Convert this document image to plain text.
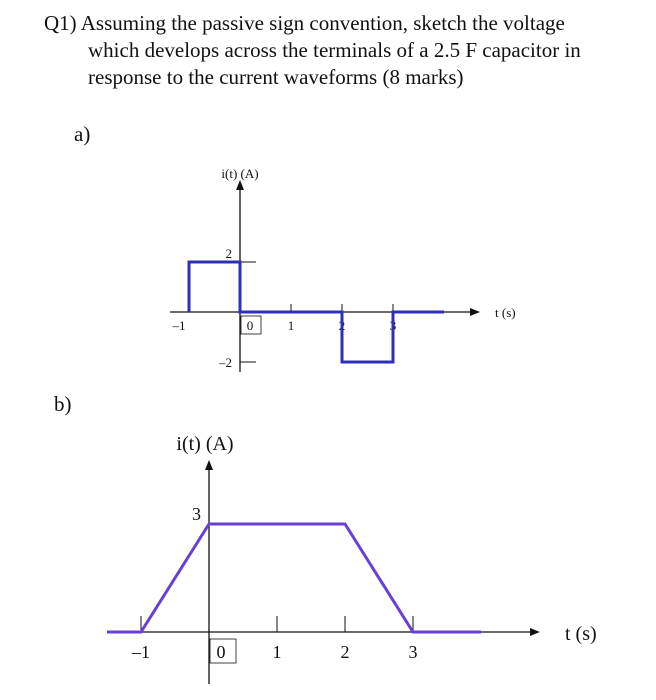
Q1) Assuming the passive sign convention, sketch the voltage
which develops across the terminals of a 2.5 F capacitor in
response to the current waveforms (8 marks)
a)
b)
–1	0	1	2	3
2
–2
i(t) (A)
t (s)
–1	0	1	2	3
3
i(t) (A)
t (s)
